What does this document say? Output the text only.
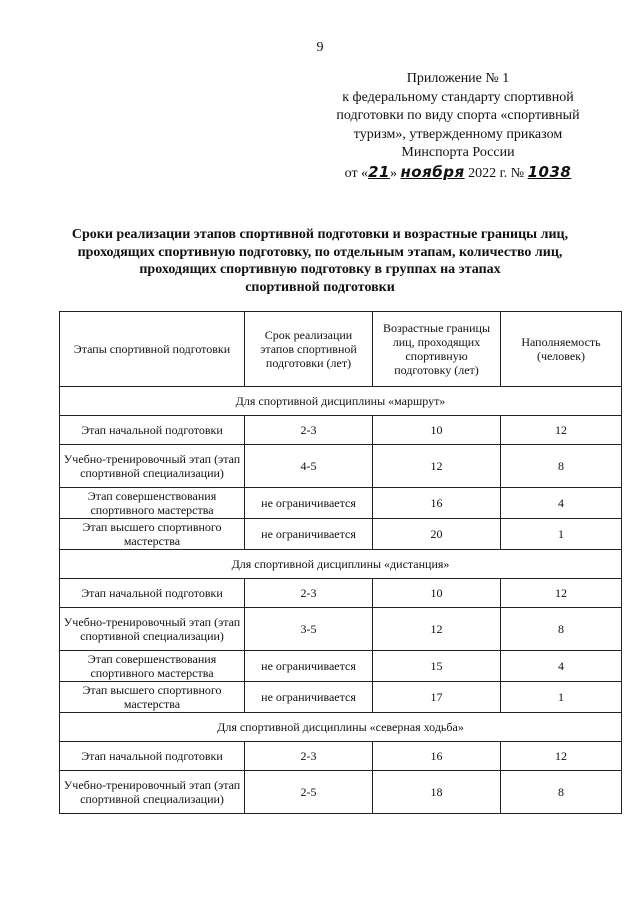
9
Приложение № 1
к федеральному стандарту спортивной
подготовки по виду спорта «спортивный
туризм», утвержденному приказом
Минспорта России
от «21» ноября 2022 г. № 1038
Сроки реализации этапов спортивной подготовки и возрастные границы лиц,
проходящих спортивную подготовку, по отдельным этапам, количество лиц,
проходящих спортивную подготовку в группах на этапах
спортивной подготовки
Этапы спортивной подготовки	Срок реализации этапов спортивной подготовки (лет)	Возрастные границы лиц, проходящих спортивную подготовку (лет)	Наполняемость (человек)
Для спортивной дисциплины «маршрут»			
Этап начальной подготовки	2-3	10	12
Учебно-тренировочный этап (этап спортивной специализации)	4-5	12	8
Этап совершенствования спортивного мастерства	не ограничивается	16	4
Этап высшего спортивного мастерства	не ограничивается	20	1
Для спортивной дисциплины «дистанция»			
Этап начальной подготовки	2-3	10	12
Учебно-тренировочный этап (этап спортивной специализации)	3-5	12	8
Этап совершенствования спортивного мастерства	не ограничивается	15	4
Этап высшего спортивного мастерства	не ограничивается	17	1
Для спортивной дисциплины «северная ходьба»			
Этап начальной подготовки	2-3	16	12
Учебно-тренировочный этап (этап спортивной специализации)	2-5	18	8
